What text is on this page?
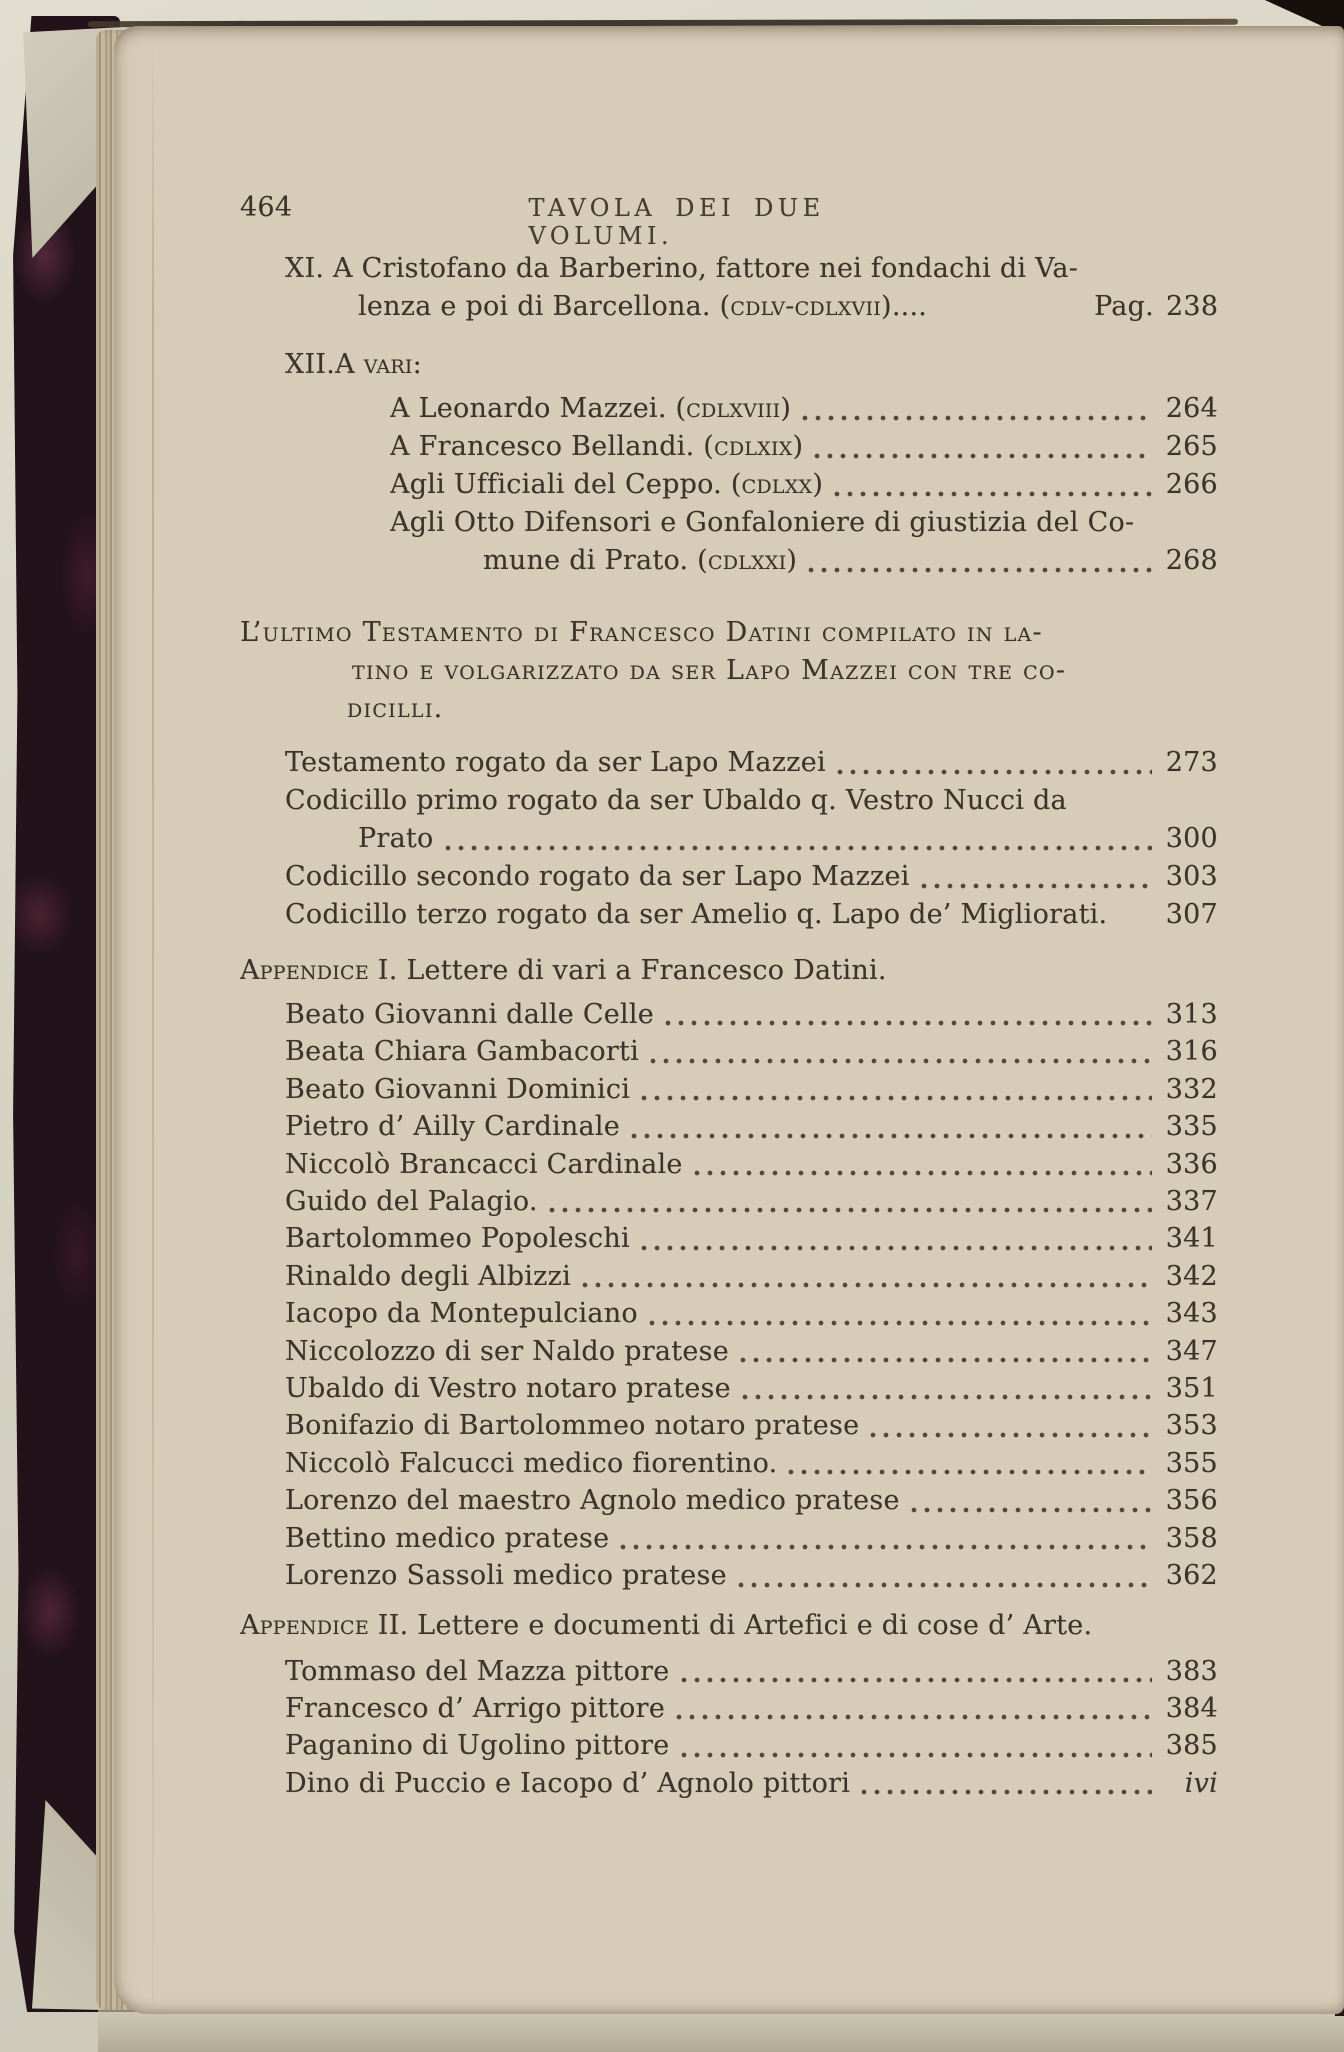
464	TAVOLA DEI DUE VOLUMI.
XI. A Cristofano da Barberino, fattore nei fondachi di Va-
lenza e poi di Barcellona. (cdlv-cdlxvii)....	Pag. 238
XII. A vari:
A Leonardo Mazzei. (cdlxviii)	264
A Francesco Bellandi. (cdlxix)	265
Agli Ufficiali del Ceppo. (cdlxx)	266
Agli Otto Difensori e Gonfaloniere di giustizia del Co-
mune di Prato. (cdlxxi)	268
L’ultimo Testamento di Francesco Datini compilato in la-
tino e volgarizzato da ser Lapo Mazzei con tre co-
dicilli.
Testamento rogato da ser Lapo Mazzei	273
Codicillo primo rogato da ser Ubaldo q. Vestro Nucci da
Prato	300
Codicillo secondo rogato da ser Lapo Mazzei	303
Codicillo terzo rogato da ser Amelio q. Lapo de’ Migliorati. 307
Appendice I. Lettere di vari a Francesco Datini.
Beato Giovanni dalle Celle	313
Beata Chiara Gambacorti	316
Beato Giovanni Dominici	332
Pietro d’ Ailly Cardinale	335
Niccolò Brancacci Cardinale	336
Guido del Palagio.	337
Bartolommeo Popoleschi	341
Rinaldo degli Albizzi	342
Iacopo da Montepulciano	343
Niccolozzo di ser Naldo pratese	347
Ubaldo di Vestro notaro pratese	351
Bonifazio di Bartolommeo notaro pratese	353
Niccolò Falcucci medico fiorentino.	355
Lorenzo del maestro Agnolo medico pratese	356
Bettino medico pratese	358
Lorenzo Sassoli medico pratese	362
Appendice II. Lettere e documenti di Artefici e di cose d’ Arte.
Tommaso del Mazza pittore	383
Francesco d’ Arrigo pittore	384
Paganino di Ugolino pittore	385
Dino di Puccio e Iacopo d’ Agnolo pittori	ivi
